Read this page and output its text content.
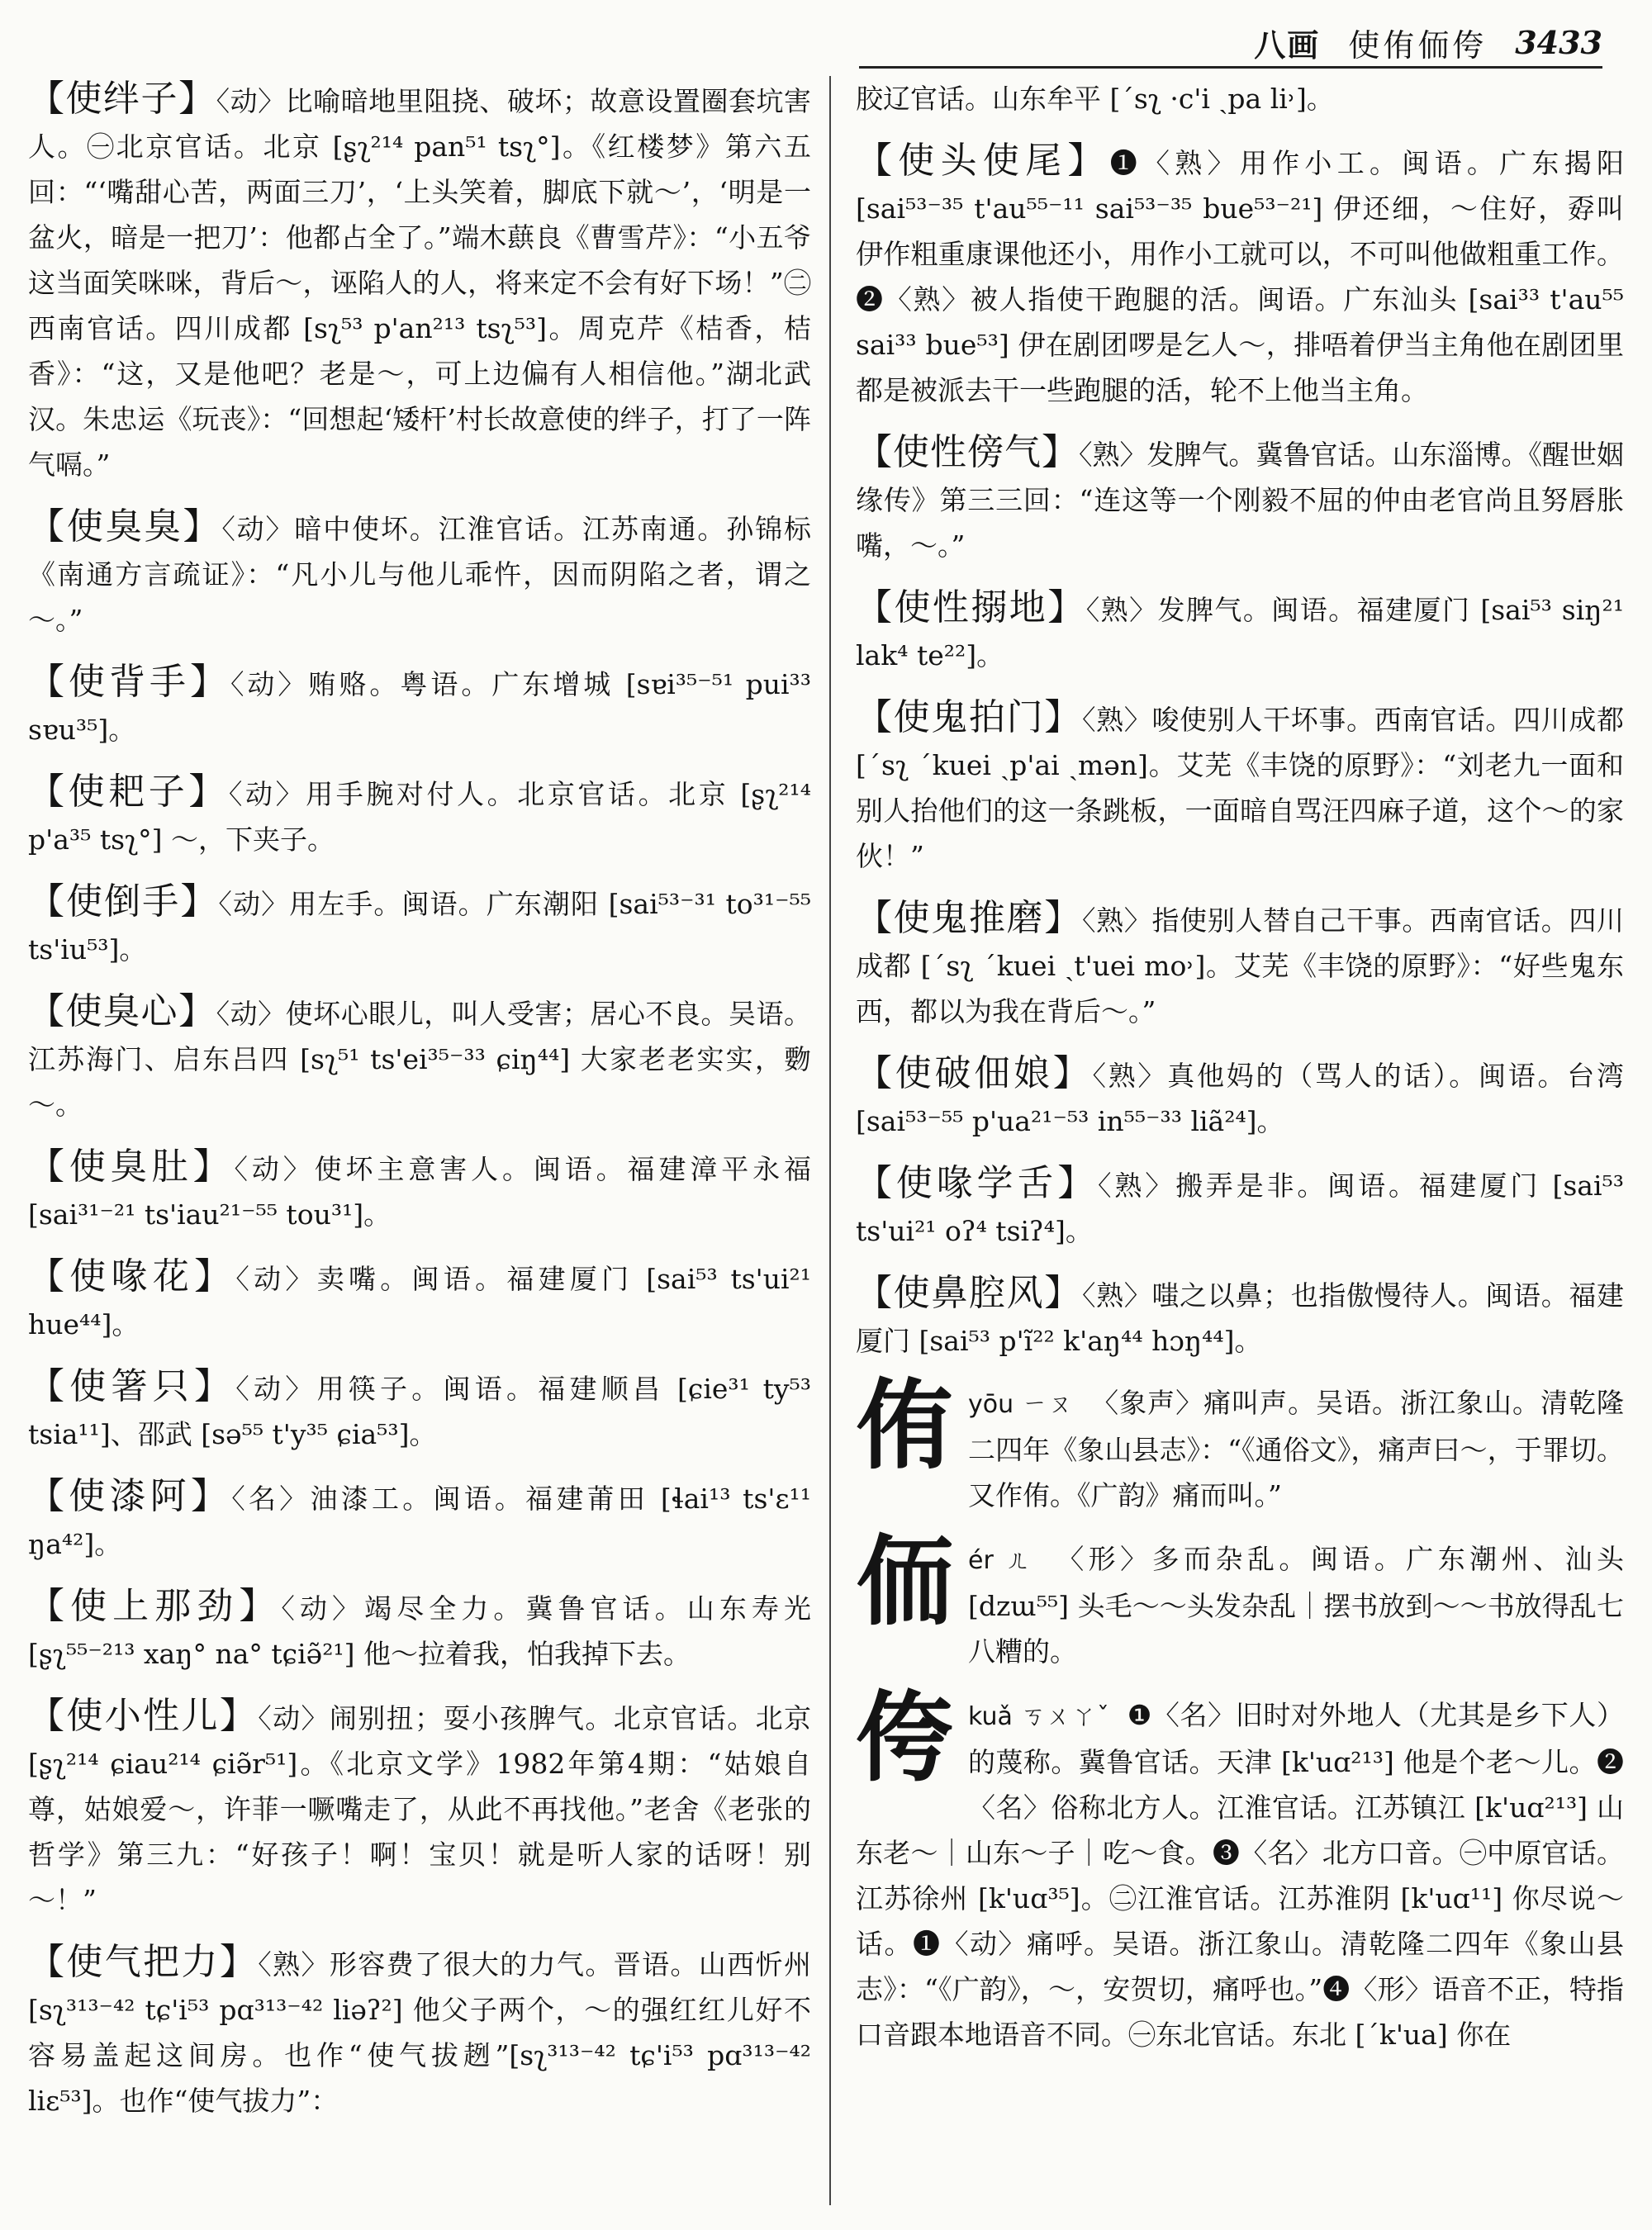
八画 使侑侕侉 3433

【使绊子】〈动〉比喻暗地里阻挠、破坏；故意设置圈套坑害人。㊀北京官话。北京 [ʂʅ²¹⁴ pan⁵¹ tsʅ°]。《红楼梦》第六五回：“‘嘴甜心苦，两面三刀’，‘上头笑着，脚底下就～’，‘明是一盆火，暗是一把刀’：他都占全了。”端木蕻良《曹雪芹》：“小五爷这当面笑咪咪，背后～，诬陷人的人，将来定不会有好下场！”㊁西南官话。四川成都 [sʅ⁵³ p'an²¹³ tsʅ⁵³]。周克芹《桔香，桔香》：“这，又是他吧？老是～，可上边偏有人相信他。”湖北武汉。朱忠运《玩丧》：“回想起‘矮杆’村长故意使的绊子，打了一阵气嗝。”

【使臭臭】〈动〉暗中使坏。江淮官话。江苏南通。孙锦标《南通方言疏证》：“凡小儿与他儿乖忤，因而阴陷之者，谓之～。”

【使背手】〈动〉贿赂。粤语。广东增城 [sɐi³⁵⁻⁵¹ pui³³ sɐu³⁵]。

【使耙子】〈动〉用手腕对付人。北京官话。北京 [ʂʅ²¹⁴ p'a³⁵ tsʅ°] ～，下夹子。

【使倒手】〈动〉用左手。闽语。广东潮阳 [sai⁵³⁻³¹ to³¹⁻⁵⁵ ts'iu⁵³]。

【使臭心】〈动〉使坏心眼儿，叫人受害；居心不良。吴语。江苏海门、启东吕四 [sʅ⁵¹ ts'ei³⁵⁻³³ ɕiŋ⁴⁴] 大家老老实实，覅～。

【使臭肚】〈动〉使坏主意害人。闽语。福建漳平永福 [sai³¹⁻²¹ ts'iau²¹⁻⁵⁵ tou³¹]。

【使喙花】〈动〉卖嘴。闽语。福建厦门 [sai⁵³ ts'ui²¹ hue⁴⁴]。

【使箸只】〈动〉用筷子。闽语。福建顺昌 [ɕie³¹ ty⁵³ tsia¹¹]、邵武 [sə⁵⁵ t'y³⁵ ɕia⁵³]。

【使漆阿】〈名〉油漆工。闽语。福建莆田 [ɬai¹³ ts'ɛ¹¹ ŋa⁴²]。

【使上那劲】〈动〉竭尽全力。冀鲁官话。山东寿光 [ʂʅ⁵⁵⁻²¹³ xaŋ° na° tɕiə̃²¹] 他～拉着我，怕我掉下去。

【使小性儿】〈动〉闹别扭；耍小孩脾气。北京官话。北京 [ʂʅ²¹⁴ ɕiau²¹⁴ ɕiə̃r⁵¹]。《北京文学》1982年第4期：“姑娘自尊，姑娘爱～，许菲一噘嘴走了，从此不再找他。”老舍《老张的哲学》第三九：“好孩子！啊！宝贝！就是听人家的话呀！别～！”

【使气把力】〈熟〉形容费了很大的力气。晋语。山西忻州 [sʅ³¹³⁻⁴² tɕ'i⁵³ pɑ³¹³⁻⁴² liəʔ²] 他父子两个，～的强红红儿好不容易盖起这间房。也作“使气拔趔”[sʅ³¹³⁻⁴² tɕ'i⁵³ pɑ³¹³⁻⁴² liɛ⁵³]。也作“使气拔力”：

胶辽官话。山东牟平 [ˊsʅ ·c'i ˏpa li˒]。

【使头使尾】❶〈熟〉用作小工。闽语。广东揭阳 [sai⁵³⁻³⁵ t'au⁵⁵⁻¹¹ sai⁵³⁻³⁵ bue⁵³⁻²¹] 伊还细，～住好，孬叫伊作粗重康课他还小，用作小工就可以，不可叫他做粗重工作。❷〈熟〉被人指使干跑腿的活。闽语。广东汕头 [sai³³ t'au⁵⁵ sai³³ bue⁵³] 伊在剧团啰是乞人～，排唔着伊当主角他在剧团里都是被派去干一些跑腿的活，轮不上他当主角。

【使性傍气】〈熟〉发脾气。冀鲁官话。山东淄博。《醒世姻缘传》第三三回：“连这等一个刚毅不屈的仲由老官尚且努唇胀嘴，～。”

【使性搦地】〈熟〉发脾气。闽语。福建厦门 [sai⁵³ siŋ²¹ lak⁴ te²²]。

【使鬼拍门】〈熟〉唆使别人干坏事。西南官话。四川成都 [ˊsʅ ˊkuei ˏp'ai ˏmən]。艾芜《丰饶的原野》：“刘老九一面和别人抬他们的这一条跳板，一面暗自骂汪四麻子道，这个～的家伙！”

【使鬼推磨】〈熟〉指使别人替自己干事。西南官话。四川成都 [ˊsʅ ˊkuei ˏt'uei mo˒]。艾芜《丰饶的原野》：“好些鬼东西，都以为我在背后～。”

【使破佃娘】〈熟〉真他妈的（骂人的话）。闽语。台湾 [sai⁵³⁻⁵⁵ p'ua²¹⁻⁵³ in⁵⁵⁻³³ liã²⁴]。

【使喙学舌】〈熟〉搬弄是非。闽语。福建厦门 [sai⁵³ ts'ui²¹ oʔ⁴ tsiʔ⁴]。

【使鼻腔风】〈熟〉嗤之以鼻；也指傲慢待人。闽语。福建厦门 [sai⁵³ p'ĩ²² k'aŋ⁴⁴ hɔŋ⁴⁴]。

侑 yōu ㄧㄡ 〈象声〉痛叫声。吴语。浙江象山。清乾隆二四年《象山县志》：“《通俗文》，痛声曰～，于罪切。又作侑。《广韵》痛而叫。”
侕 ér ㄦ 〈形〉多而杂乱。闽语。广东潮州、汕头 [dzɯ⁵⁵] 头毛～～头发杂乱｜摆书放到～～书放得乱七八糟的。
侉 kuǎ ㄎㄨㄚˇ ❶〈名〉旧时对外地人（尤其是乡下人）的蔑称。冀鲁官话。天津 [k'uɑ²¹³] 他是个老～儿。❷〈名〉俗称北方人。江淮官话。江苏镇江 [k'uɑ²¹³] 山东老～｜山东～子｜吃～食。❸〈名〉北方口音。㊀中原官话。江苏徐州 [k'uɑ³⁵]。㊁江淮官话。江苏淮阴 [k'uɑ¹¹] 你尽说～话。❶〈动〉痛呼。吴语。浙江象山。清乾隆二四年《象山县志》：“《广韵》，～，安贺切，痛呼也。”❹〈形〉语音不正，特指口音跟本地语音不同。㊀东北官话。东北 [ˊk'ua] 你在
